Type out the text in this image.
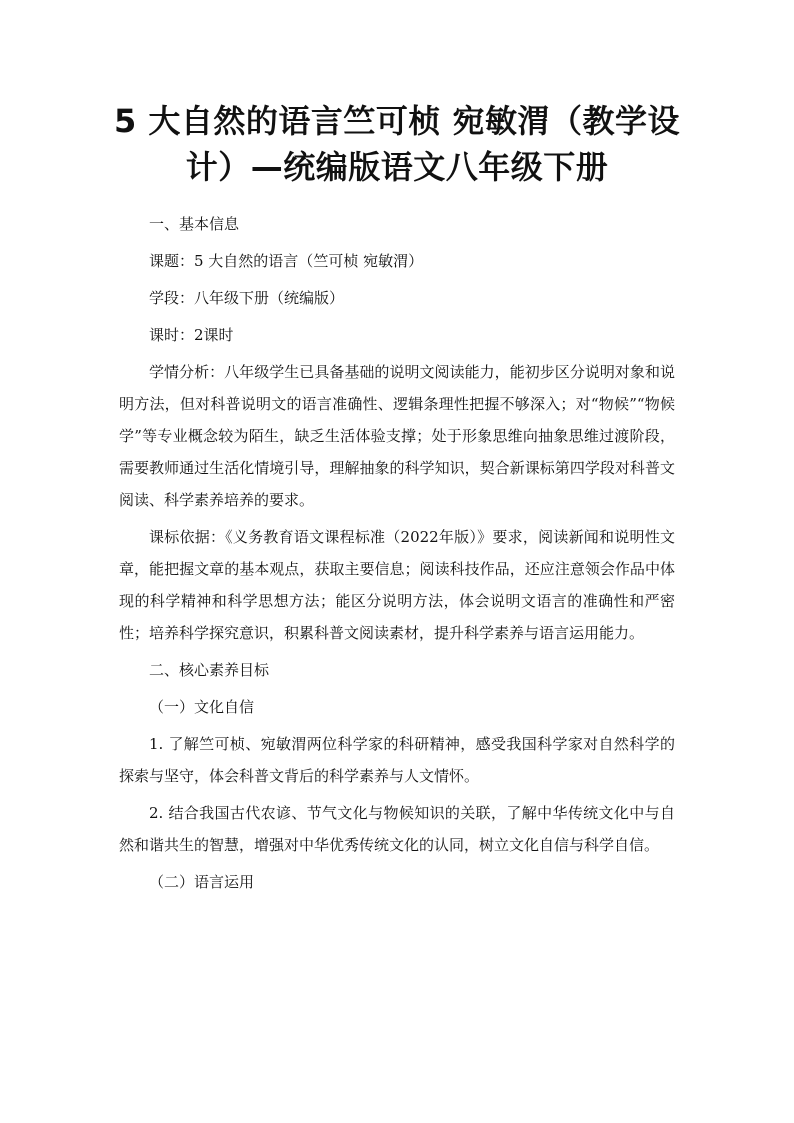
5 大自然的语言竺可桢 宛敏渭（教学设计）—统编版语文八年级下册

一、基本信息

课题：5 大自然的语言（竺可桢 宛敏渭）

学段：八年级下册（统编版）

课时：2课时

学情分析：八年级学生已具备基础的说明文阅读能力，能初步区分说明对象和说明方法，但对科普说明文的语言准确性、逻辑条理性把握不够深入；对“物候”“物候学”等专业概念较为陌生，缺乏生活体验支撑；处于形象思维向抽象思维过渡阶段，需要教师通过生活化情境引导，理解抽象的科学知识，契合新课标第四学段对科普文阅读、科学素养培养的要求。

课标依据：《义务教育语文课程标准（2022年版）》要求，阅读新闻和说明性文章，能把握文章的基本观点，获取主要信息；阅读科技作品，还应注意领会作品中体现的科学精神和科学思想方法；能区分说明方法，体会说明文语言的准确性和严密性；培养科学探究意识，积累科普文阅读素材，提升科学素养与语言运用能力。

二、核心素养目标

（一）文化自信

1. 了解竺可桢、宛敏渭两位科学家的科研精神，感受我国科学家对自然科学的探索与坚守，体会科普文背后的科学素养与人文情怀。

2. 结合我国古代农谚、节气文化与物候知识的关联，了解中华传统文化中与自然和谐共生的智慧，增强对中华优秀传统文化的认同，树立文化自信与科学自信。

（二）语言运用
